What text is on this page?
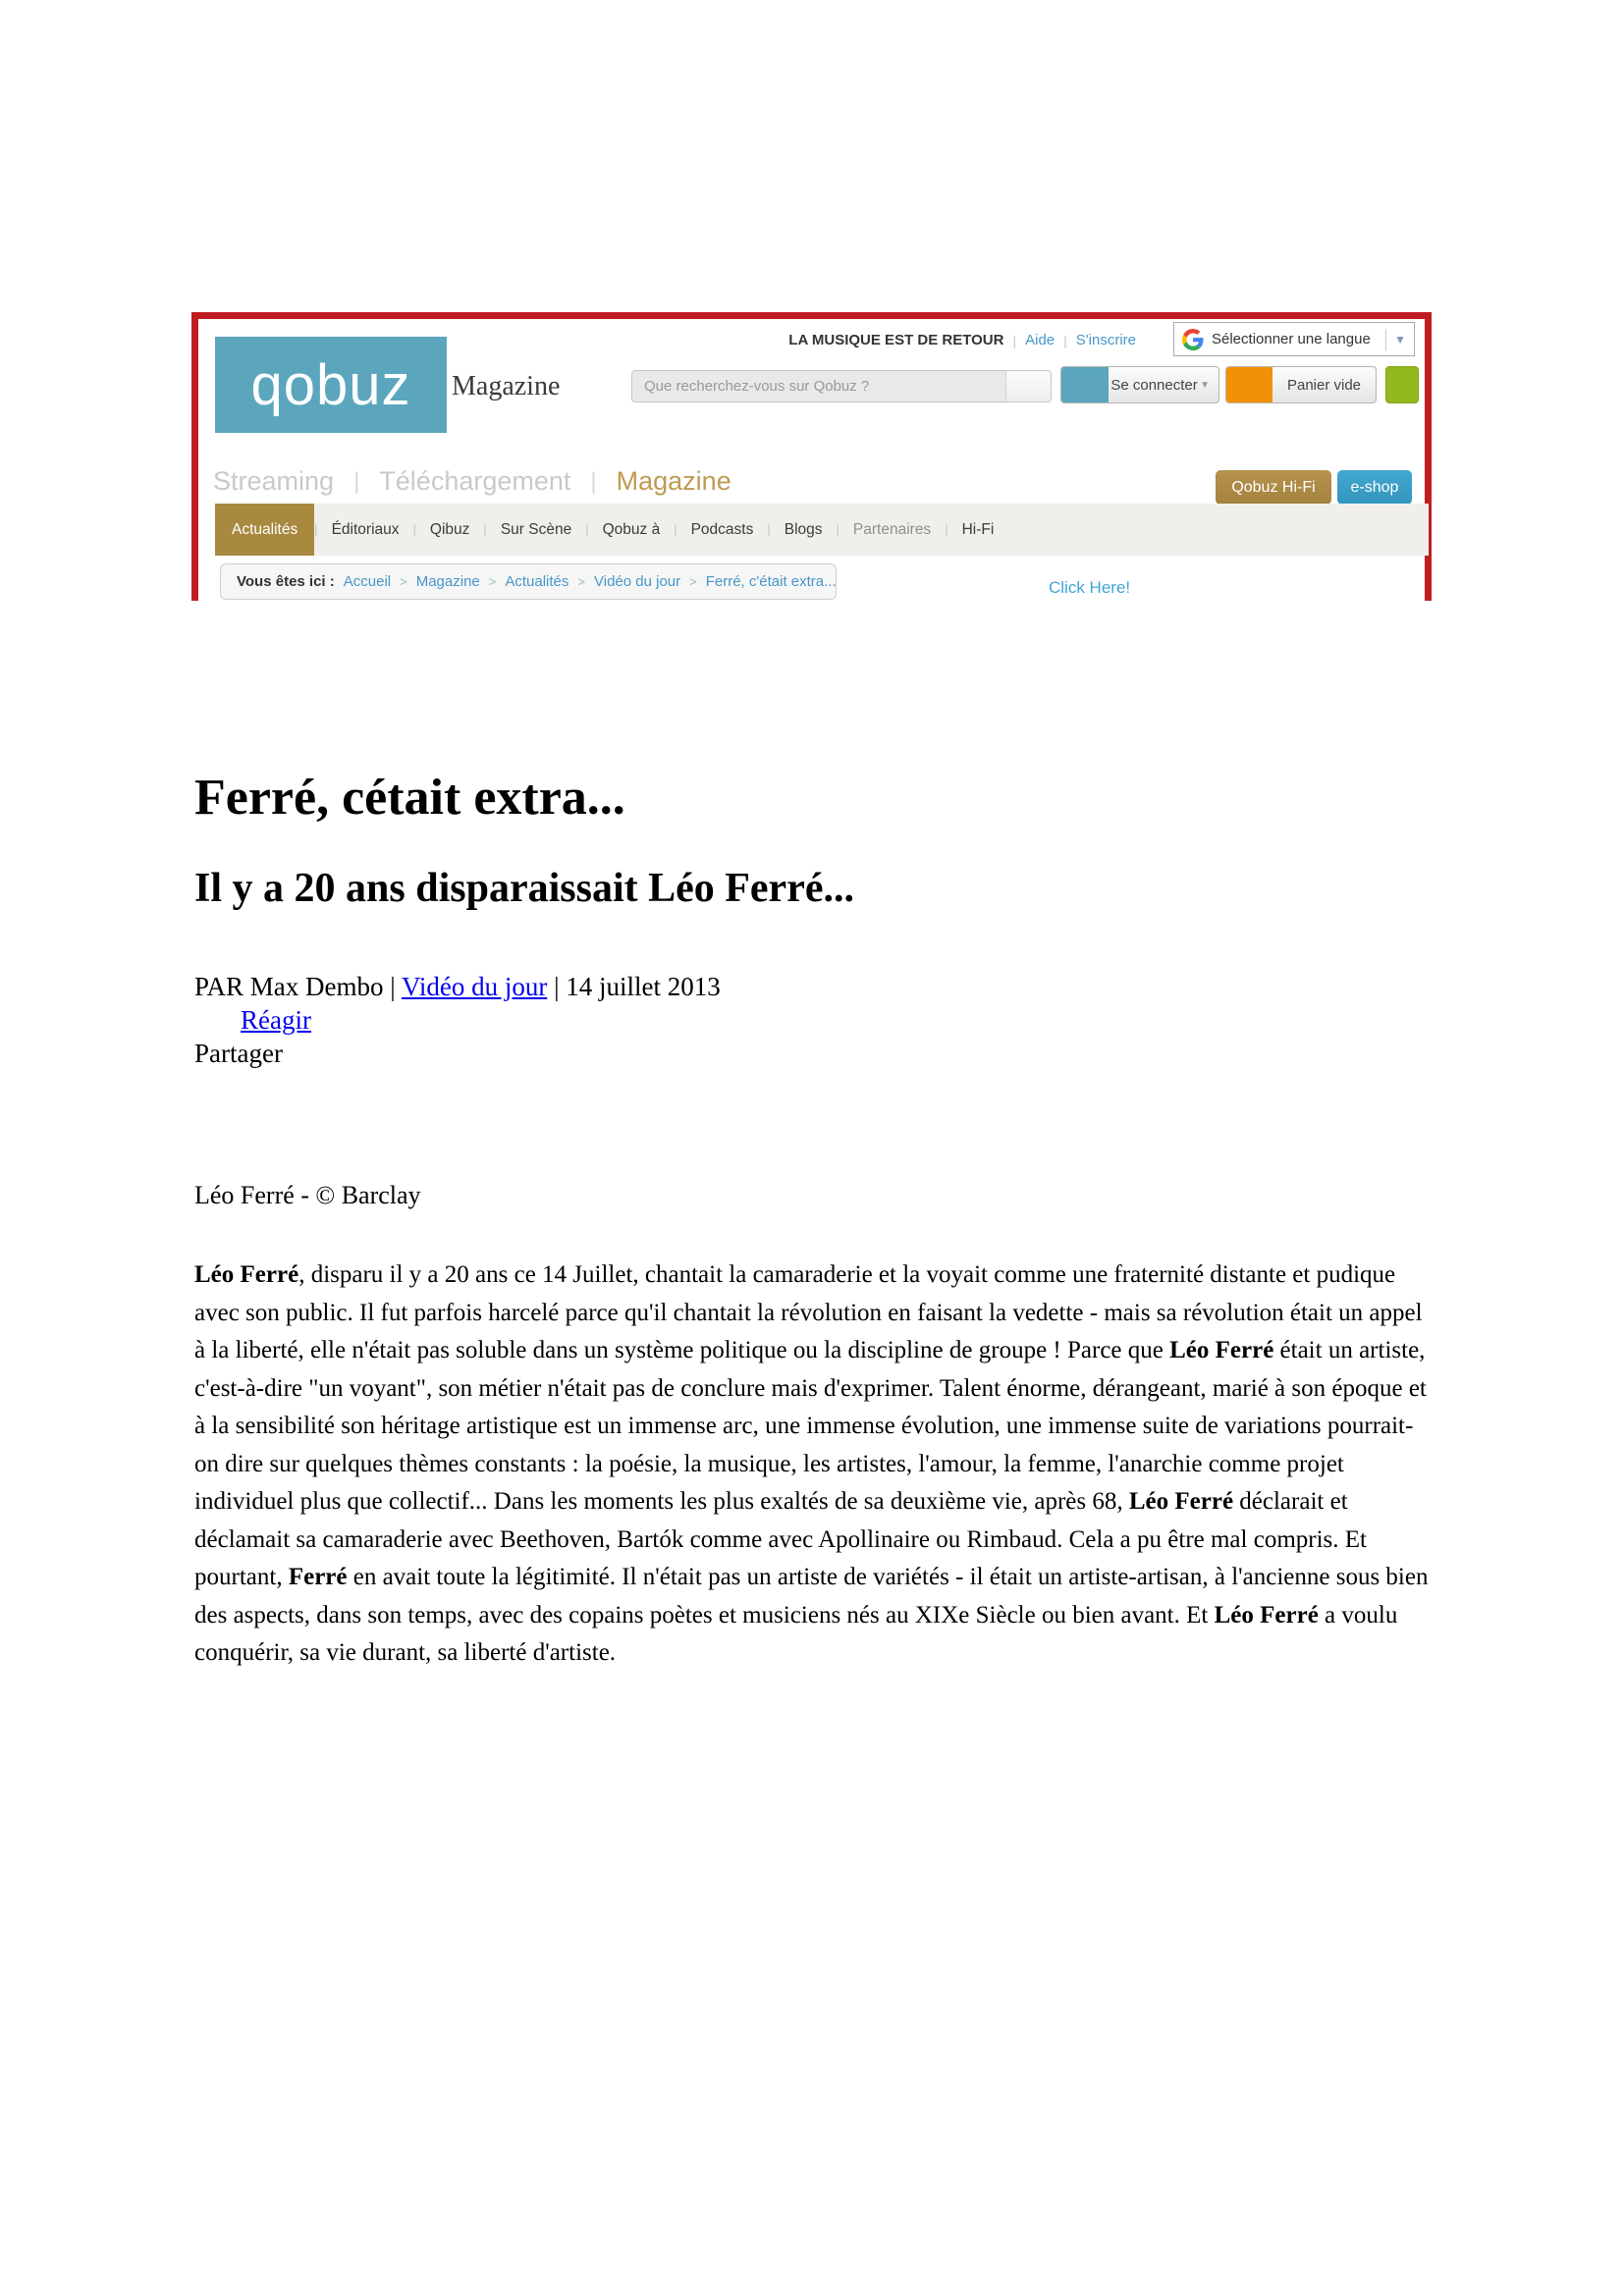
qobuz	Magazine
LA MUSIQUE EST DE RETOUR | Aide | S'inscrire	Sélectionner une langue	▼
Que recherchez-vous sur Qobuz ?
Se connecter ▼	Panier vide
Streaming | Téléchargement | Magazine	Qobuz Hi-Fi	e-shop
Actualités	| Éditoriaux	| Qibuz	| Sur Scène	| Qobuz à	| Podcasts	| Blogs	| Partenaires	| Hi-Fi
Vous êtes ici : Accueil > Magazine > Actualités > Vidéo du jour > Ferré, c'était extra...	Click Here!
Ferré, cétait extra...
Il y a 20 ans disparaissait Léo Ferré...
PAR Max Dembo | Vidéo du jour | 14 juillet 2013
Réagir
Partager
Léo Ferré - © Barclay

Léo Ferré, disparu il y a 20 ans ce 14 Juillet, chantait la camaraderie et la voyait comme une fraternité distante et pudique avec son public. Il fut parfois harcelé parce qu'il chantait la révolution en faisant la vedette - mais sa révolution était un appel à la liberté, elle n'était pas soluble dans un système politique ou la discipline de groupe ! Parce que Léo Ferré était un artiste, c'est-à-dire "un voyant", son métier n'était pas de conclure mais d'exprimer. Talent énorme, dérangeant, marié à son époque et à la sensibilité son héritage artistique est un immense arc, une immense évolution, une immense suite de variations pourrait-on dire sur quelques thèmes constants : la poésie, la musique, les artistes, l'amour, la femme, l'anarchie comme projet individuel plus que collectif... Dans les moments les plus exaltés de sa deuxième vie, après 68, Léo Ferré déclarait et déclamait sa camaraderie avec Beethoven, Bartók comme avec Apollinaire ou Rimbaud. Cela a pu être mal compris. Et pourtant, Ferré en avait toute la légitimité. Il n'était pas un artiste de variétés - il était un artiste-artisan, à l'ancienne sous bien des aspects, dans son temps, avec des copains poètes et musiciens nés au XIXe Siècle ou bien avant. Et Léo Ferré a voulu conquérir, sa vie durant, sa liberté d'artiste.
